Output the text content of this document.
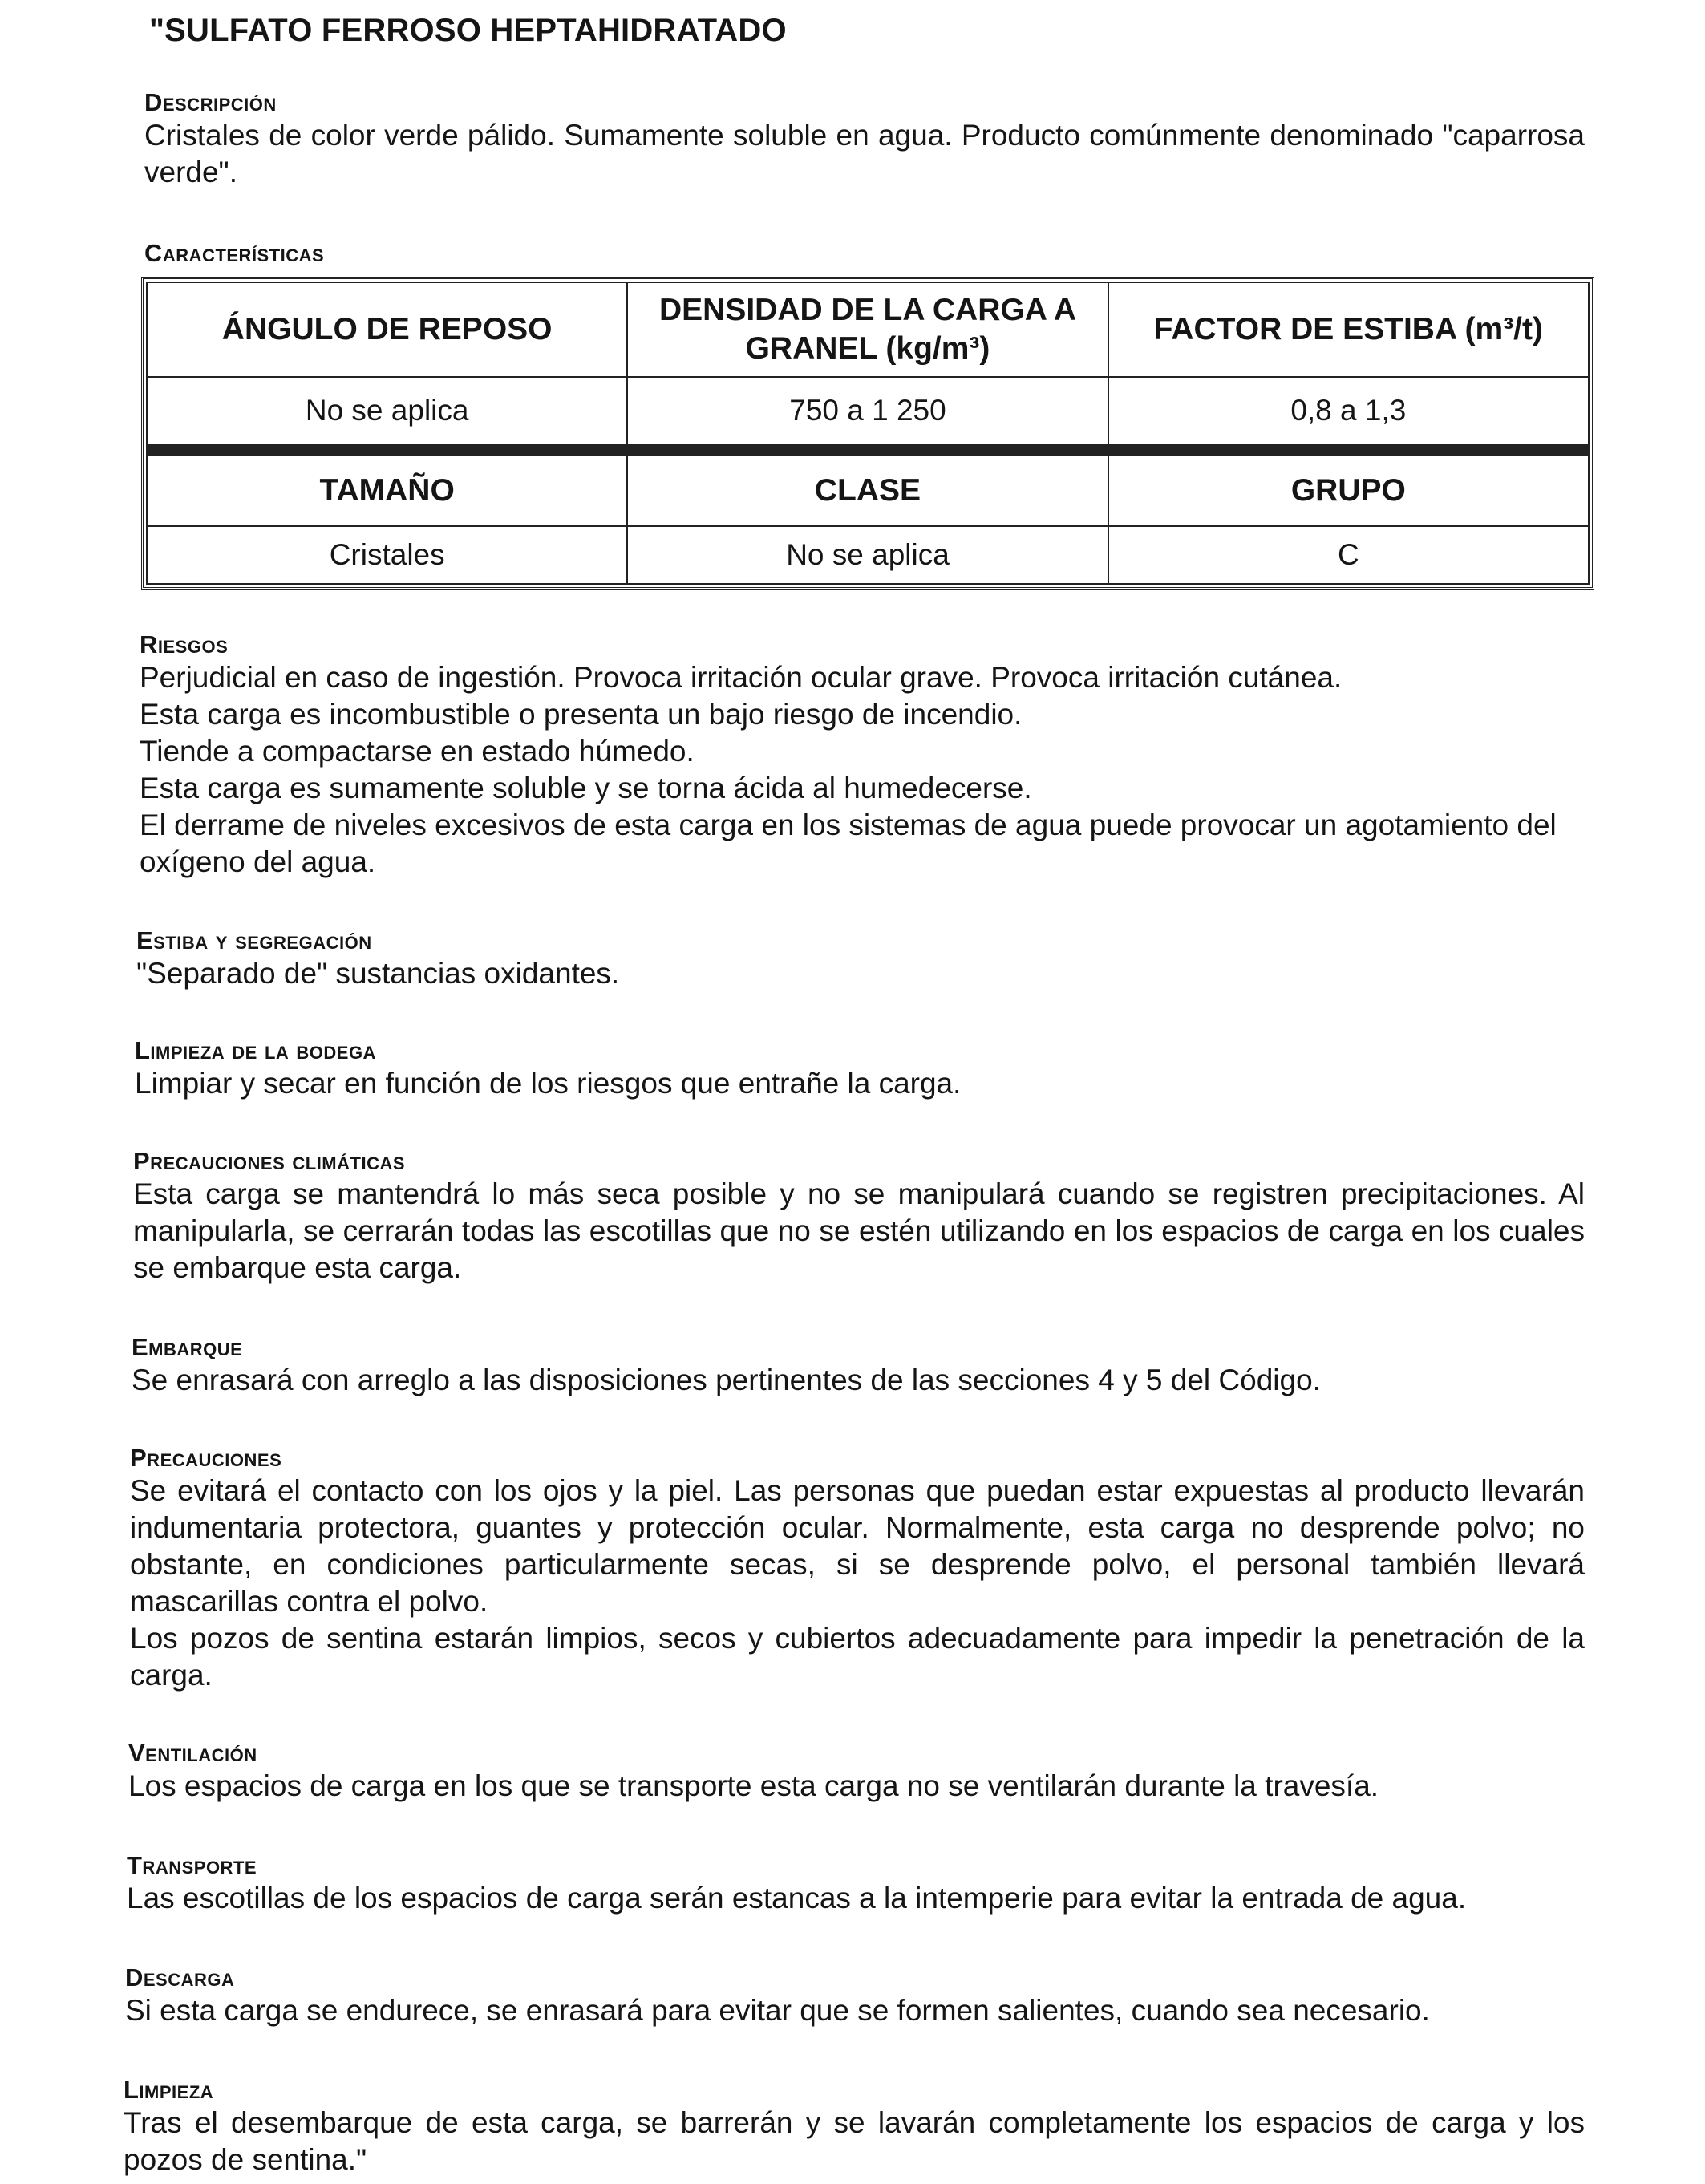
"SULFATO FERROSO HEPTAHIDRATADO

Descripción

Cristales de color verde pálido. Sumamente soluble en agua. Producto comúnmente denominado "caparrosa verde".

Características

ÁNGULO DE REPOSO	DENSIDAD DE LA CARGA A GRANEL (kg/m³)	FACTOR DE ESTIBA (m³/t)
No se aplica	750 a 1 250	0,8 a 1,3

TAMAÑO	CLASE	GRUPO
Cristales	No se aplica	C

Riesgos

Perjudicial en caso de ingestión. Provoca irritación ocular grave. Provoca irritación cutánea.

Esta carga es incombustible o presenta un bajo riesgo de incendio.

Tiende a compactarse en estado húmedo.

Esta carga es sumamente soluble y se torna ácida al humedecerse.

El derrame de niveles excesivos de esta carga en los sistemas de agua puede provocar un agotamiento del oxígeno del agua.

Estiba y segregación

"Separado de" sustancias oxidantes.

Limpieza de la bodega

Limpiar y secar en función de los riesgos que entrañe la carga.

Precauciones climáticas

Esta carga se mantendrá lo más seca posible y no se manipulará cuando se registren precipitaciones. Al manipularla, se cerrarán todas las escotillas que no se estén utilizando en los espacios de carga en los cuales se embarque esta carga.

Embarque

Se enrasará con arreglo a las disposiciones pertinentes de las secciones 4 y 5 del Código.

Precauciones

Se evitará el contacto con los ojos y la piel. Las personas que puedan estar expuestas al producto llevarán indumentaria protectora, guantes y protección ocular. Normalmente, esta carga no desprende polvo; no obstante, en condiciones particularmente secas, si se desprende polvo, el personal también llevará mascarillas contra el polvo.

Los pozos de sentina estarán limpios, secos y cubiertos adecuadamente para impedir la penetración de la carga.

Ventilación

Los espacios de carga en los que se transporte esta carga no se ventilarán durante la travesía.

Transporte

Las escotillas de los espacios de carga serán estancas a la intemperie para evitar la entrada de agua.

Descarga

Si esta carga se endurece, se enrasará para evitar que se formen salientes, cuando sea necesario.

Limpieza

Tras el desembarque de esta carga, se barrerán y se lavarán completamente los espacios de carga y los pozos de sentina."
